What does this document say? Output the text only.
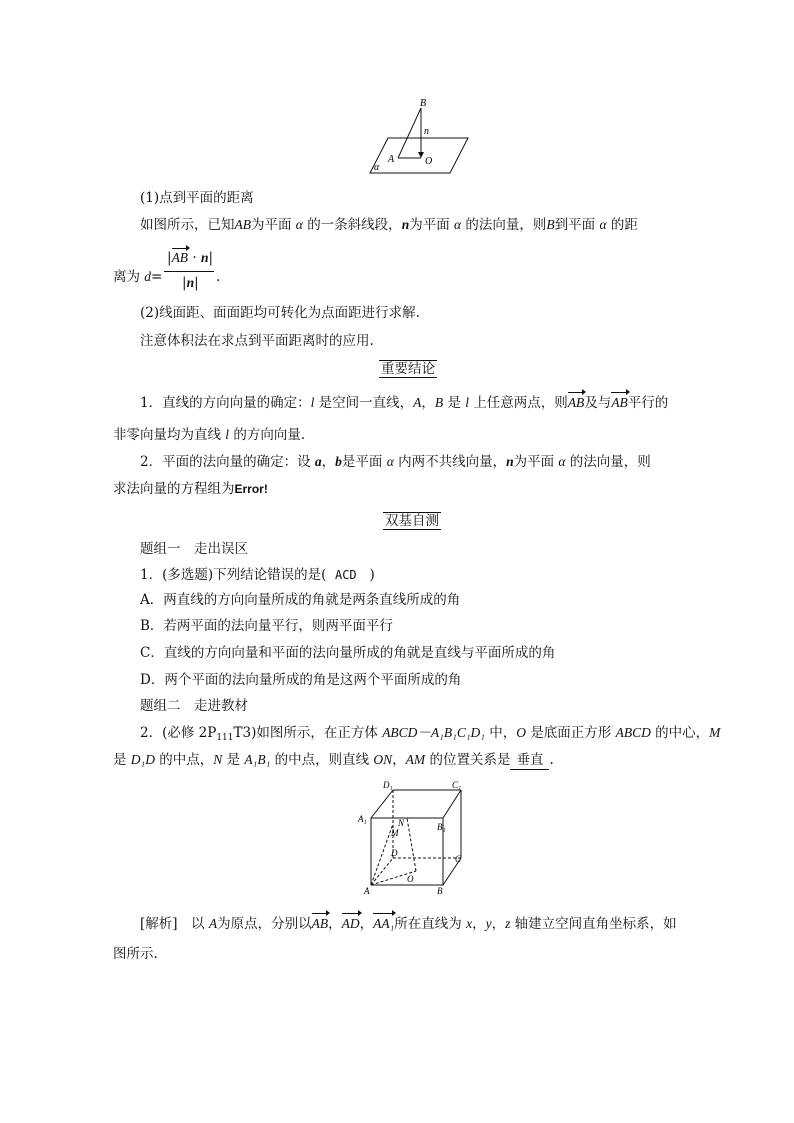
B
n
A	O
α
(1)点到平面的距离
如图所示，已知AB为平面 α 的一条斜线段，n为平面 α 的法向量，则B到平面 α 的距
离为 d=
|AB · n|
|n| .
(2)线面距、面面距均可转化为点面距进行求解.
注意体积法在求点到平面距离时的应用.
重要结论
1．直线的方向向量的确定：l 是空间一直线，A，B 是 l 上任意两点，则AB及与AB平行的
非零向量均为直线 l 的方向向量.
2．平面的法向量的确定：设 a，b是平面 α 内两不共线向量，n为平面 α 的法向量，则
求法向量的方程组为Error!
双基自测
题组一　走出误区
1．(多选题)下列结论错误的是( ACD )
A．两直线的方向向量所成的角就是两条直线所成的角
B．若两平面的法向量平行，则两平面平行
C．直线的方向向量和平面的法向量所成的角就是直线与平面所成的角
D．两个平面的法向量所成的角是这两个平面所成的角
题组二　走进教材
2．(必修 $2P_{111}T3$)如图所示，在正方体 ABCD－A₁B₁C₁D₁ 中，O 是底面正方形 ABCD 的中心，M
是 D₁D 的中点，N 是 A₁B₁ 的中点，则直线 ON，AM 的位置关系是 垂直 .
D₁	C₁
A₁
B₁
N
M
D
C
O
A	B
[解析]　以 A为原点，分别以AB，AD，AA₁所在直线为 x，y，z 轴建立空间直角坐标系，如
图所示.
